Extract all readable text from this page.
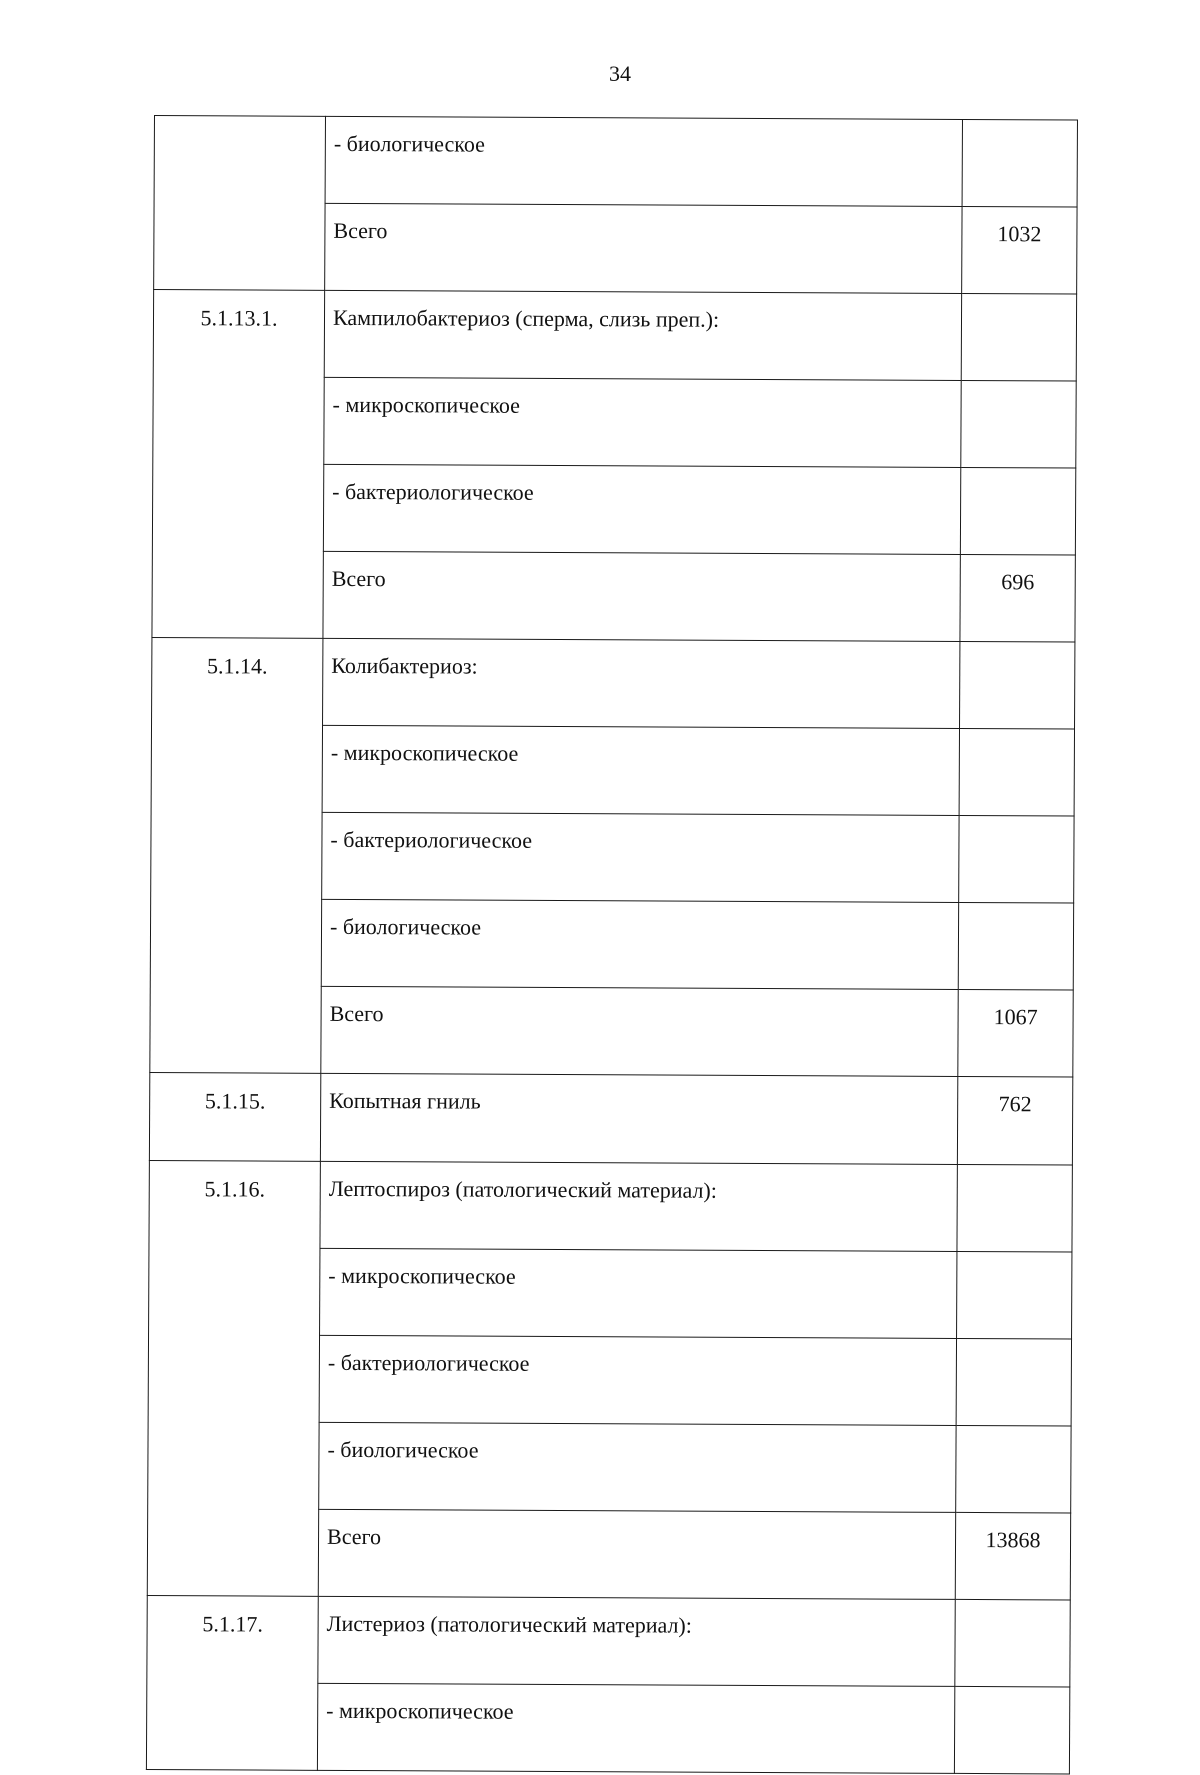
34
	- биологическое	
	Всего	1032
5.1.13.1.	Кампилобактериоз (сперма, слизь преп.):	
	- микроскопическое	
	- бактериологическое	
	Всего	696
5.1.14.	Колибактериоз:	
	- микроскопическое	
	- бактериологическое	
	- биологическое	
	Всего	1067
5.1.15.	Копытная гниль	762
5.1.16.	Лептоспироз (патологический материал):	
	- микроскопическое	
	- бактериологическое	
	- биологическое	
	Всего	13868
5.1.17.	Листериоз (патологический материал):	
	- микроскопическое	
